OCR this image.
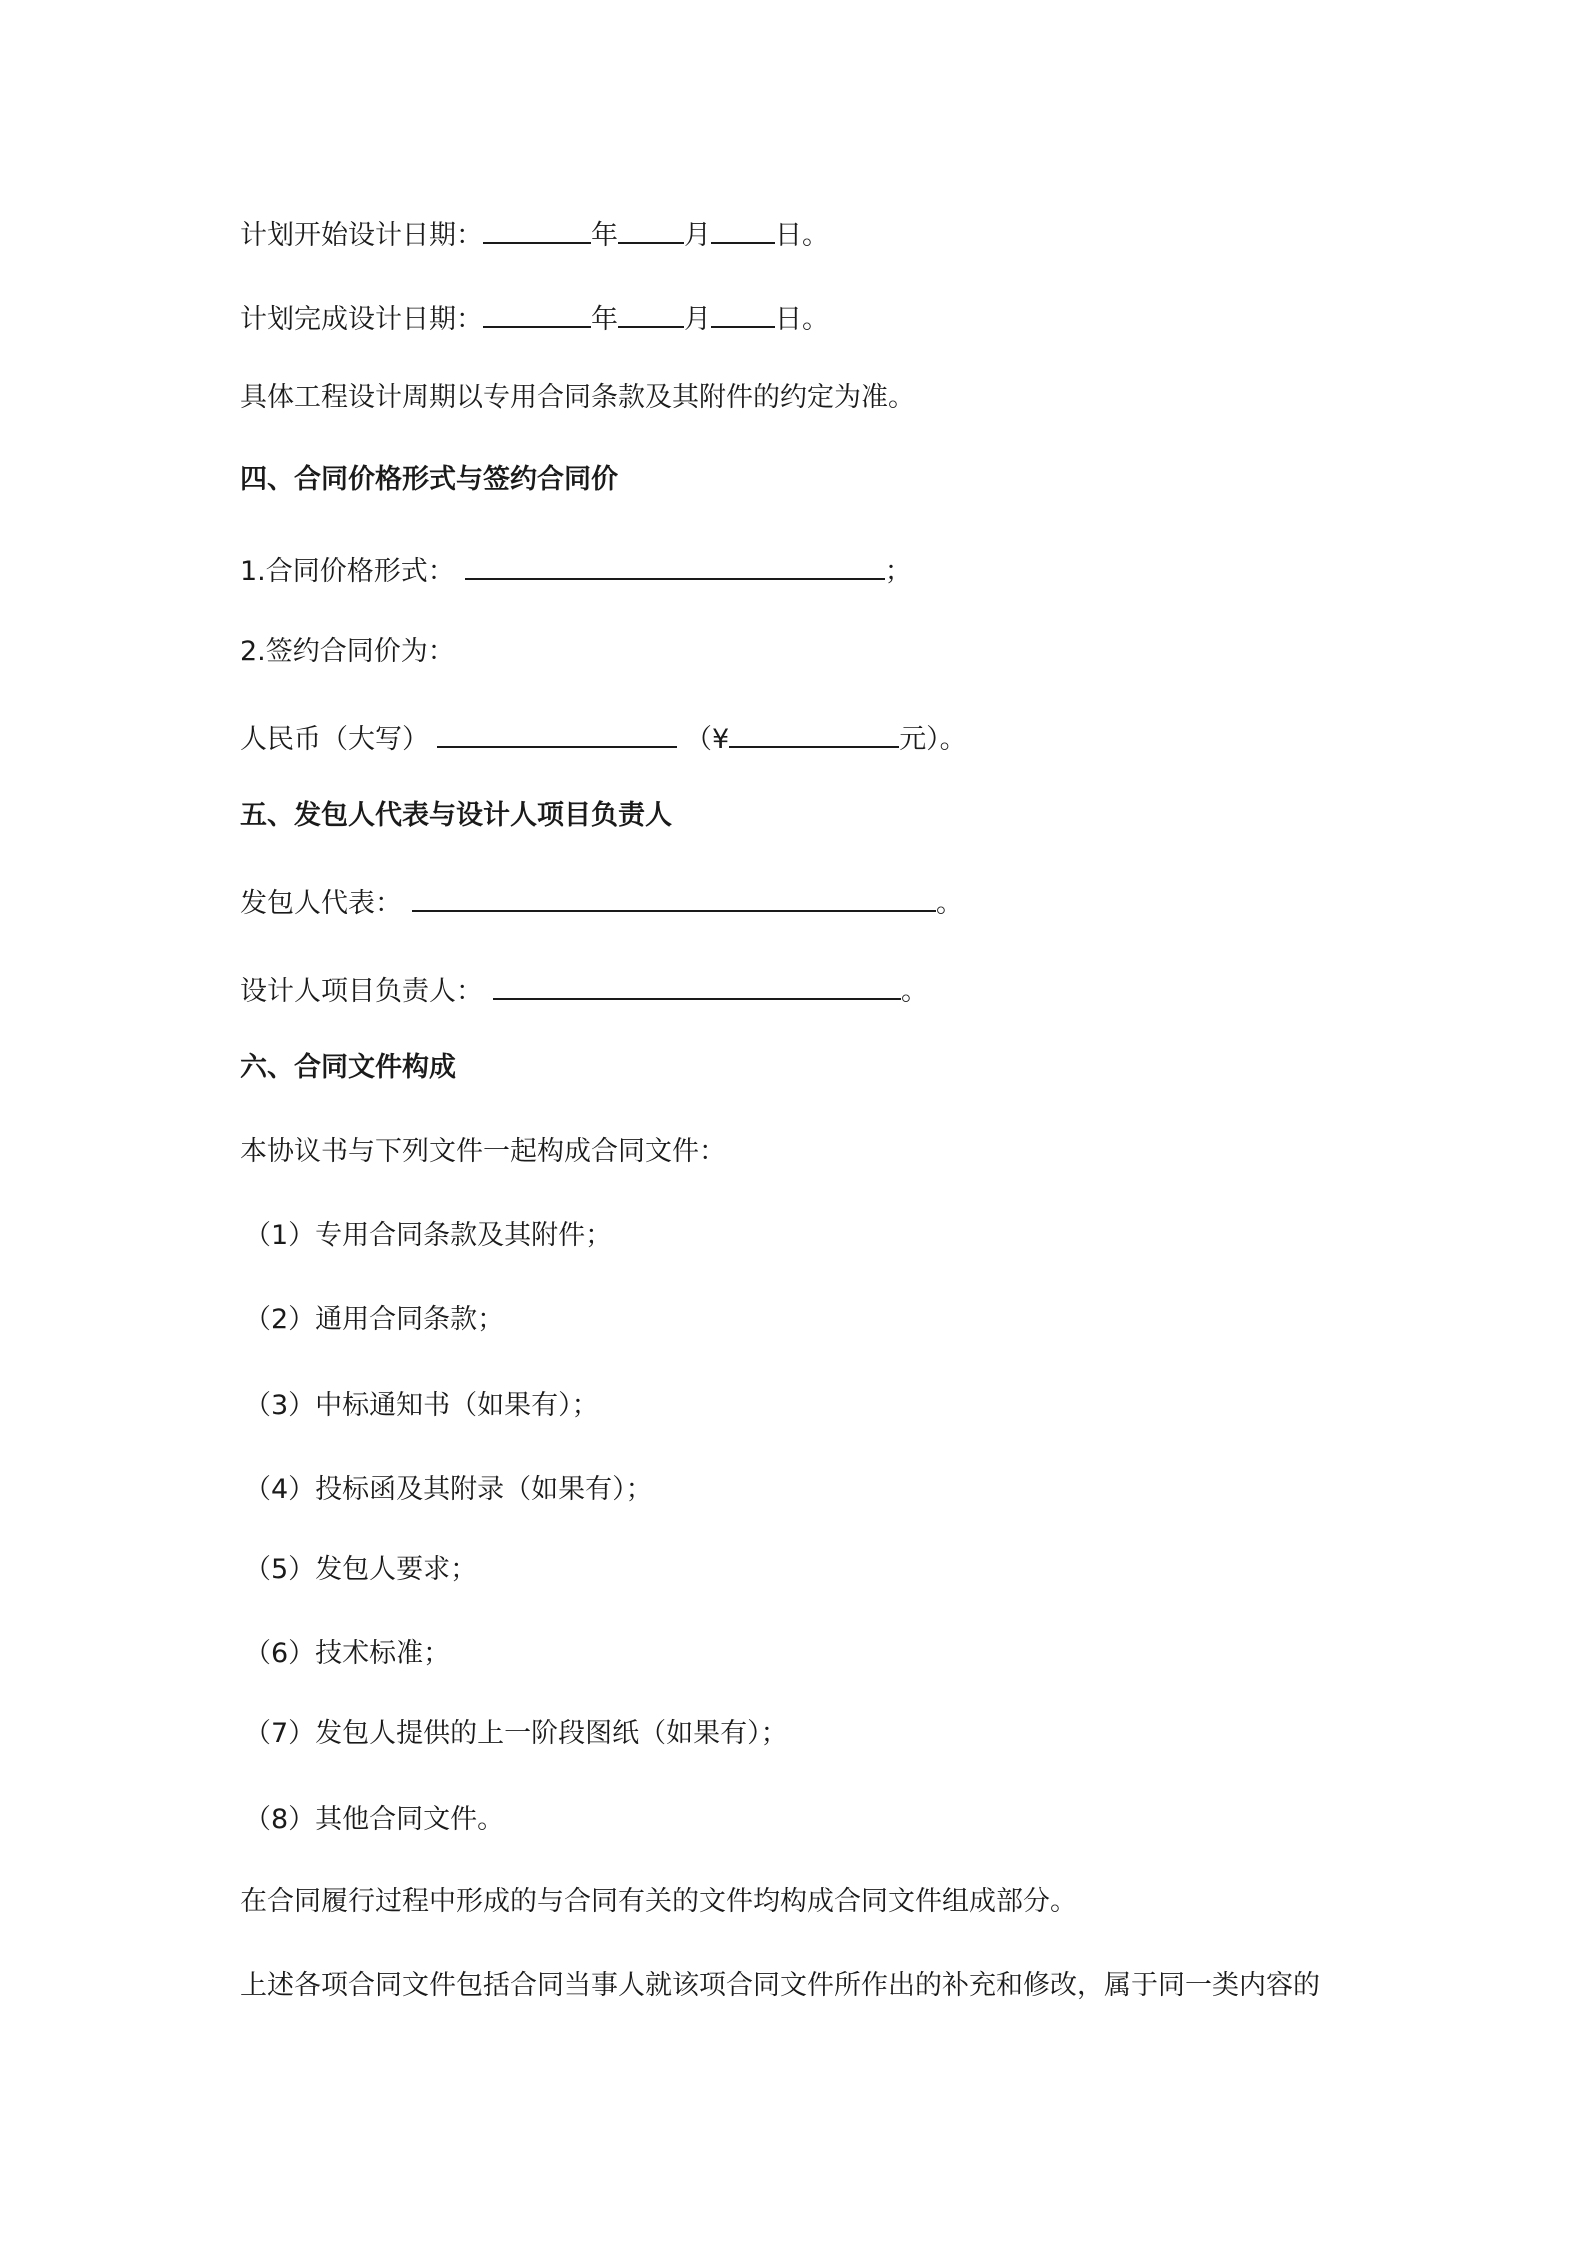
计划开始设计日期：	年 月 日。
计划完成设计日期：	年 月 日。
具体工程设计周期以专用合同条款及其附件的约定为准。
四、合同价格形式与签约合同价
1.合同价格形式：	；
2.签约合同价为：
人民币（大写）	（¥	元）。
五、发包人代表与设计人项目负责人
发包人代表：	。
设计人项目负责人：	。
六、合同文件构成
本协议书与下列文件一起构成合同文件：
（1）专用合同条款及其附件；
（2）通用合同条款；
（3）中标通知书（如果有）；
（4）投标函及其附录（如果有）；
（5）发包人要求；
（6）技术标准；
（7）发包人提供的上一阶段图纸（如果有）；
（8）其他合同文件。
在合同履行过程中形成的与合同有关的文件均构成合同文件组成部分。
上述各项合同文件包括合同当事人就该项合同文件所作出的补充和修改，属于同一类内容的
